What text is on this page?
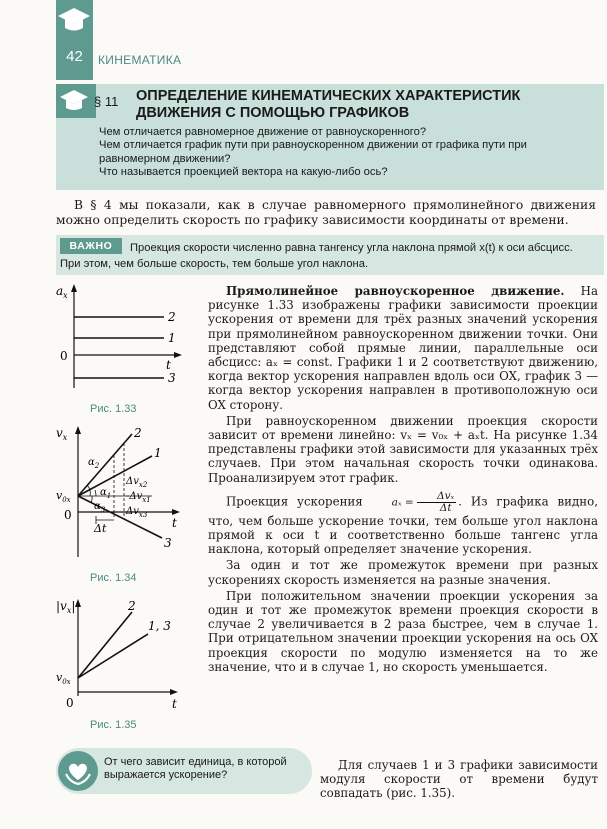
42	КИНЕМАТИКА
§ 11 ОПРЕДЕЛЕНИЕ КИНЕМАТИЧЕСКИХ ХАРАКТЕРИСТИК ДВИЖЕНИЯ С ПОМОЩЬЮ ГРАФИКОВ
Чем отличается равномерное движение от равноускоренного?
Чем отличается график пути при равноускоренном движении от графика пути при равномерном движении?
Что называется проекцией вектора на какую-либо ось?
В § 4 мы показали, как в случае равномерного прямолинейного движения можно определить скорость по графику зависимости координаты от времени.
Проекция скорости численно равна тангенсу угла наклона прямой x(t) к оси абсцисс. При этом, чем больше скорость, тем больше угол наклона.
ВАЖНО
$a_x$
0
t
2
1
3
Рис. 1.33
$v_x$
$v_{0x}$
0
t
Δt
2
1
3
$\alpha_2$
$\alpha_1$
$\alpha_3$
$\Delta v_{x2}$
$-\Delta v_{x1}$
$\Delta v_{x3}$
Рис. 1.34
$|v_x|$
$v_{0x}$
0	t
2
1, 3
Рис. 1.35

Прямолинейное равноускоренное движение. На рисунке 1.33 изображены графики зависимости проекции ускорения от времени для трёх разных значений ускорения при прямолинейном равноускоренном движении точки. Они представляют собой прямые линии, параллельные оси абсцисс: aₓ = const. Графики 1 и 2 соответствуют движению, когда вектор ускорения направлен вдоль оси OX, график 3 — когда вектор ускорения направлен в противоположную оси OX сторону.

При равноускоренном движении проекция скорости зависит от времени линейно: vₓ = v₀ₓ + aₓt. На рисунке 1.34 представлены графики этой зависимости для указанных трёх случаев. При этом начальная скорость точки одинакова. Проанализируем этот график.

Проекция ускорения	aₓ =
Δvₓ
Δt . Из графика видно, что, чем больше ускорение точки, тем больше угол наклона прямой к оси t и соответственно больше тангенс угла наклона, который определяет значение ускорения.

За один и тот же промежуток времени при разных ускорениях скорость изменяется на разные значения.

При положительном значении проекции ускорения за один и тот же промежуток времени проекция скорости в случае 2 увеличивается в 2 раза быстрее, чем в случае 1. При отрицательном значении проекции ускорения на ось OX проекция скорости по модулю изменяется на то же значение, что и в случае 1, но скорость уменьшается.

От чего зависит единица, в которой выражается ускорение?
Для случаев 1 и 3 графики зависимости модуля скорости от времени будут совпадать (рис. 1.35).
